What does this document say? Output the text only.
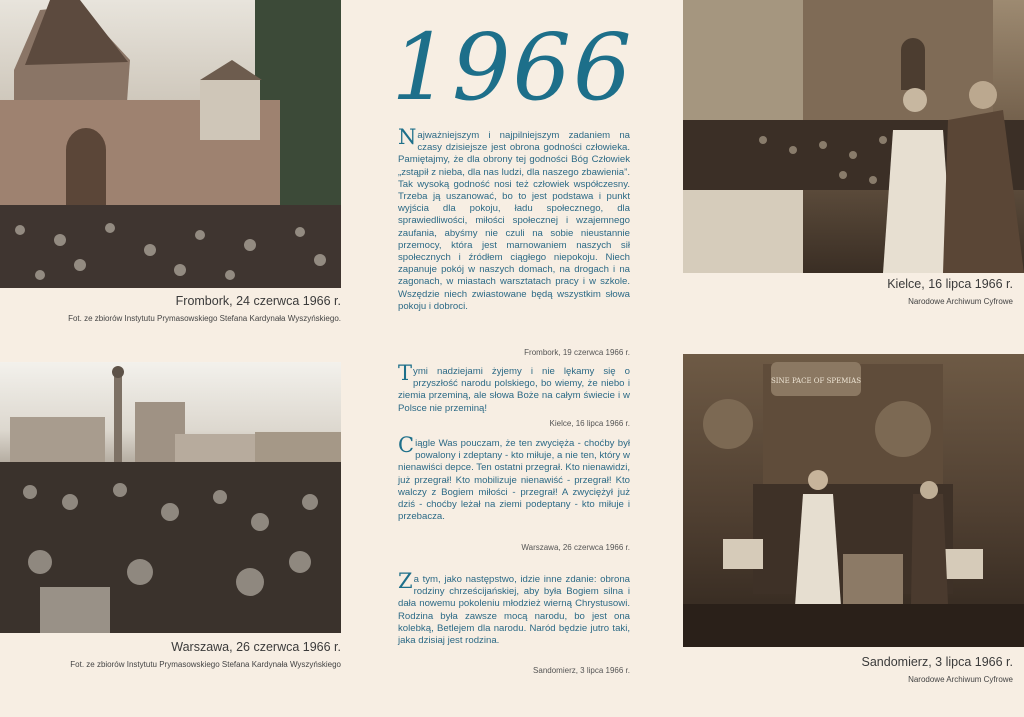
1966
Frombork, 24 czerwca 1966 r.
Fot. ze zbiorów Instytutu Prymasowskiego Stefana Kardynała Wyszyńskiego.
Warszawa, 26 czerwca 1966 r.
Fot. ze zbiorów Instytutu Prymasowskiego Stefana Kardynała Wyszyńskiego
Kielce, 16 lipca 1966 r.
Narodowe Archiwum Cyfrowe
SINE PACE OF SPEMIAS
Sandomierz, 3 lipca 1966 r.
Narodowe Archiwum Cyfrowe
Najważniejszym i najpilniejszym zadaniem na czasy dzisiejsze jest obrona godności człowieka. Pamiętajmy, że dla obrony tej godności Bóg Człowiek „zstąpił z nieba, dla nas ludzi, dla naszego zbawienia”. Tak wysoką godność nosi też człowiek współczesny. Trzeba ją uszanować, bo to jest podstawa i punkt wyjścia dla pokoju, ładu społecznego, dla sprawiedliwości, miłości społecznej i wzajemnego zaufania, abyśmy nie czuli na sobie nieustannie przemocy, która jest marnowaniem naszych sił społecznych i źródłem ciągłego niepokoju. Niech zapanuje pokój w naszych domach, na drogach i na zagonach, w miastach warsztatach pracy i w szkole. Wszędzie niech zwiastowane będą wszystkim słowa pokoju i dobroci.
Frombork, 19 czerwca 1966 r.
Tymi nadziejami żyjemy i nie lękamy się o przyszłość narodu polskiego, bo wiemy, że niebo i ziemia przeminą, ale słowa Boże na całym świecie i w Polsce nie przeminą!
Kielce, 16 lipca 1966 r.
Ciągle Was pouczam, że ten zwycięża - choćby był powalony i zdeptany - kto miłuje, a nie ten, który w nienawiści depce. Ten ostatni przegrał. Kto nienawidzi, już przegrał! Kto mobilizuje nienawiść - przegrał! Kto walczy z Bogiem miłości - przegrał! A zwyciężył już dziś - choćby leżał na ziemi podeptany - kto miłuje i przebacza.
Warszawa, 26 czerwca 1966 r.
Za tym, jako następstwo, idzie inne zdanie: obrona rodziny chrześcijańskiej, aby była Bogiem silna i dała nowemu pokoleniu młodzież wierną Chrystusowi. Rodzina była zawsze mocą narodu, bo jest ona kolebką, Betlejem dla narodu. Naród będzie jutro taki, jaka dzisiaj jest rodzina.
Sandomierz, 3 lipca 1966 r.
